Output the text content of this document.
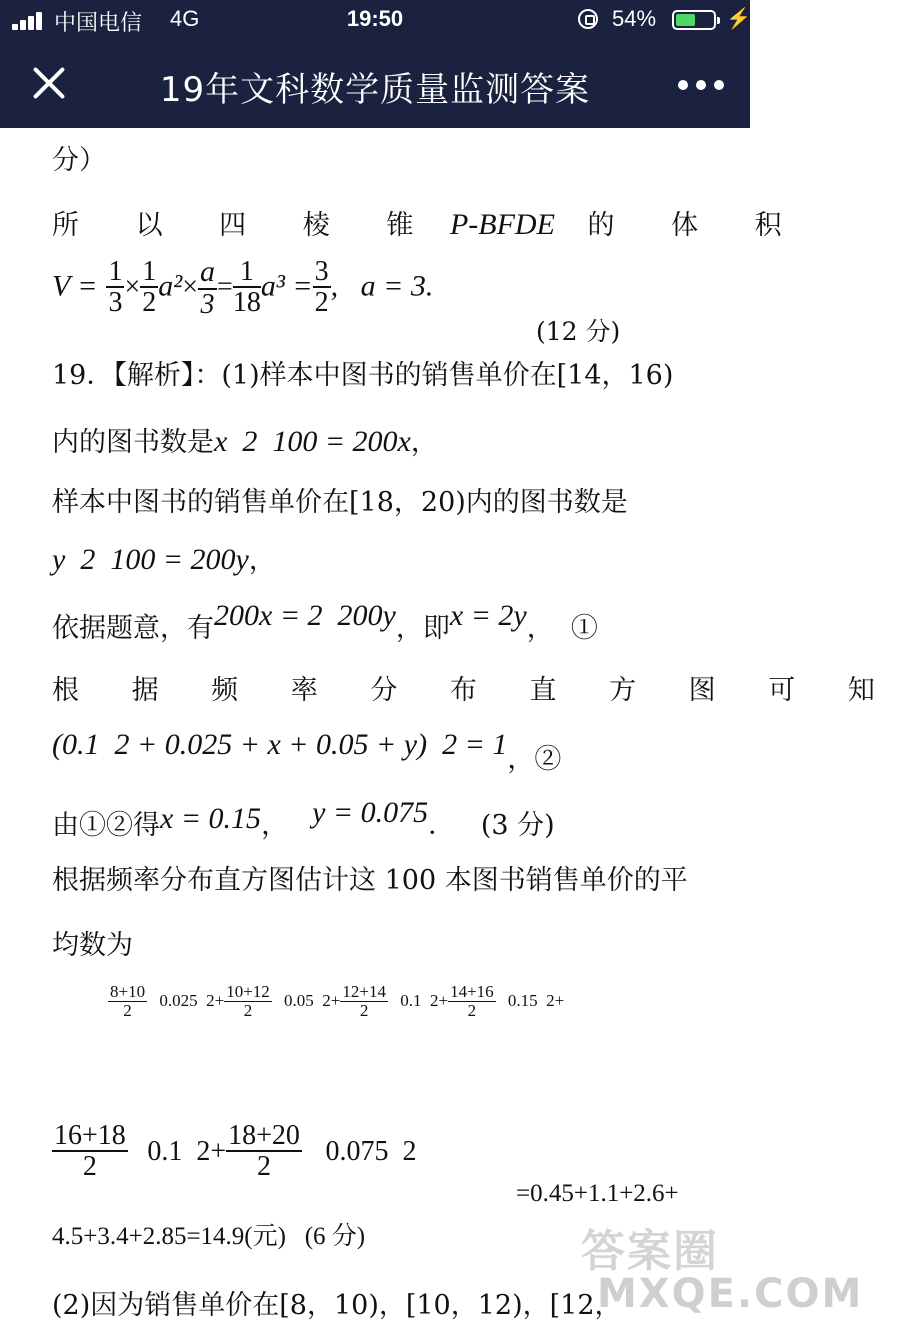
中国电信 4G	19:50	54%	⚡
19年文科数学质量监测答案
分）
所 以 四 棱 锥 P-BFDE 的 体 积
$V = \frac{1}{3} \times \frac{1}{2} a^2\times \frac{a}{3} = \frac{1}{18} a^3 = \frac{3}{2}$ ,   a = 3.
(12 分)
19．【解析】：(1)样本中图书的销售单价在[14，16)
内的图书数是x  2  100 = 200x，
样本中图书的销售单价在[18，20)内的图书数是
y  2  100 = 200y，
依据题意，有200x = 2  200y，即x = 2y，  ①
根 据 频 率 分 布 直 方 图 可 知
(0.1  2 + 0.025 + x + 0.05 + y)  2 = 1，②
由①②得x = 0.15， y = 0.075．   (3 分)
根据频率分布直方图估计这 100 本图书销售单价的平
均数为
$\frac{8+10}{2} 0.025$  $2+ \frac{10+12}{2} 0.05$  $2+ \frac{12+14}{2} 0.1$  $2+ \frac{14+16}{2} 0.15$  2+
$\frac{16+18}{2} 0.1$  $2+ \frac{18+20}{2} 0.075$  2
=0.45+1.1+2.6+
4.5+3.4+2.85=14.9(元)   (6 分)
(2)因为销售单价在[8，10)，[10，12)，[12，
答案圈
MXQE.COM
